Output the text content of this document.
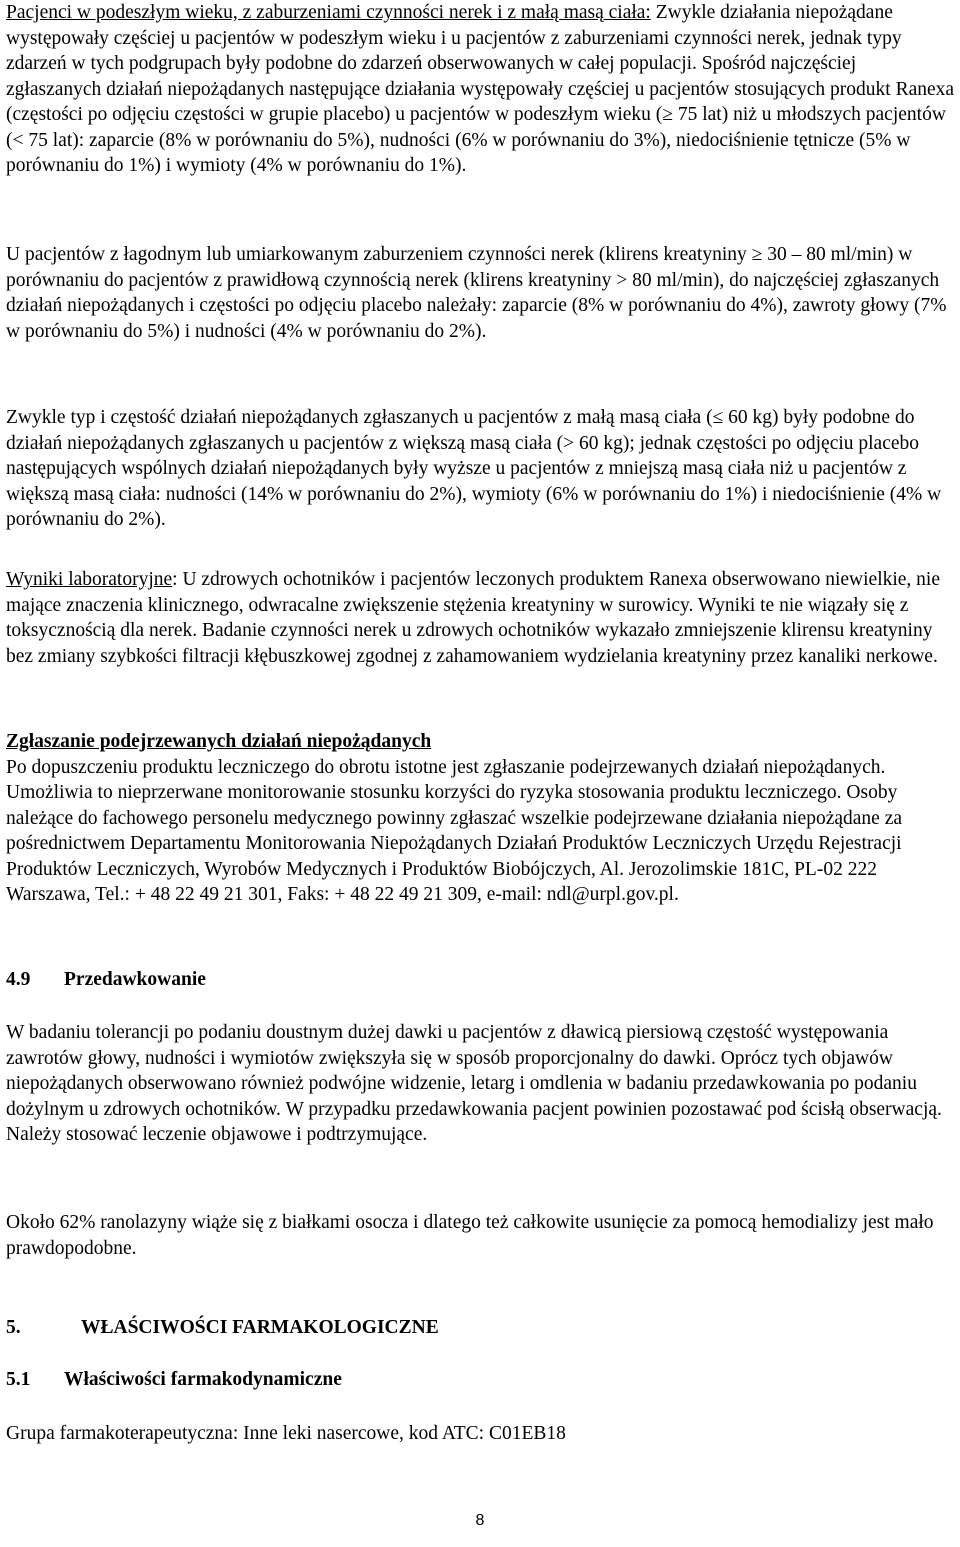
Pacjenci w podeszłym wieku, z zaburzeniami czynności nerek i z małą masą ciała: Zwykle działania niepożądane występowały częściej u pacjentów w podeszłym wieku i u pacjentów z zaburzeniami czynności nerek, jednak typy zdarzeń w tych podgrupach były podobne do zdarzeń obserwowanych w całej populacji. Spośród najczęściej zgłaszanych działań niepożądanych następujące działania występowały częściej u pacjentów stosujących produkt Ranexa (częstości po odjęciu częstości w grupie placebo) u pacjentów w podeszłym wieku (≥ 75 lat) niż u młodszych pacjentów (< 75 lat): zaparcie (8% w porównaniu do 5%), nudności (6% w porównaniu do 3%), niedociśnienie tętnicze (5% w porównaniu do 1%) i wymioty (4% w porównaniu do 1%).

U pacjentów z łagodnym lub umiarkowanym zaburzeniem czynności nerek (klirens kreatyniny ≥ 30 – 80 ml/min) w porównaniu do pacjentów z prawidłową czynnością nerek (klirens kreatyniny > 80 ml/min), do najczęściej zgłaszanych działań niepożądanych i częstości po odjęciu placebo należały: zaparcie (8% w porównaniu do 4%), zawroty głowy (7% w porównaniu do 5%) i nudności (4% w porównaniu do 2%).

Zwykle typ i częstość działań niepożądanych zgłaszanych u pacjentów z małą masą ciała (≤ 60 kg) były podobne do działań niepożądanych zgłaszanych u pacjentów z większą masą ciała (> 60 kg); jednak częstości po odjęciu placebo następujących wspólnych działań niepożądanych były wyższe u pacjentów z mniejszą masą ciała niż u pacjentów z większą masą ciała: nudności (14% w porównaniu do 2%), wymioty (6% w porównaniu do 1%) i niedociśnienie (4% w porównaniu do 2%).

Wyniki laboratoryjne: U zdrowych ochotników i pacjentów leczonych produktem Ranexa obserwowano niewielkie, nie mające znaczenia klinicznego, odwracalne zwiększenie stężenia kreatyniny w surowicy. Wyniki te nie wiązały się z toksycznością dla nerek. Badanie czynności nerek u zdrowych ochotników wykazało zmniejszenie klirensu kreatyniny bez zmiany szybkości filtracji kłębuszkowej zgodnej z zahamowaniem wydzielania kreatyniny przez kanaliki nerkowe.

Zgłaszanie podejrzewanych działań niepożądanych
Po dopuszczeniu produktu leczniczego do obrotu istotne jest zgłaszanie podejrzewanych działań niepożądanych. Umożliwia to nieprzerwane monitorowanie stosunku korzyści do ryzyka stosowania produktu leczniczego. Osoby należące do fachowego personelu medycznego powinny zgłaszać wszelkie podejrzewane działania niepożądane za pośrednictwem Departamentu Monitorowania Niepożądanych Działań Produktów Leczniczych Urzędu Rejestracji Produktów Leczniczych, Wyrobów Medycznych i Produktów Biobójczych, Al. Jerozolimskie 181C, PL-02 222 Warszawa, Tel.: + 48 22 49 21 301, Faks: + 48 22 49 21 309, e-mail: ndl@urpl.gov.pl.

4.9 Przedawkowanie

W badaniu tolerancji po podaniu doustnym dużej dawki u pacjentów z dławicą piersiową częstość występowania zawrotów głowy, nudności i wymiotów zwiększyła się w sposób proporcjonalny do dawki. Oprócz tych objawów niepożądanych obserwowano również podwójne widzenie, letarg i omdlenia w badaniu przedawkowania po podaniu dożylnym u zdrowych ochotników. W przypadku przedawkowania pacjent powinien pozostawać pod ścisłą obserwacją. Należy stosować leczenie objawowe i podtrzymujące.

Około 62% ranolazyny wiąże się z białkami osocza i dlatego też całkowite usunięcie za pomocą hemodializy jest mało prawdopodobne.

5.	WŁAŚCIWOŚCI FARMAKOLOGICZNE
5.1 Właściwości farmakodynamiczne

Grupa farmakoterapeutyczna: Inne leki nasercowe, kod ATC: C01EB18

8
